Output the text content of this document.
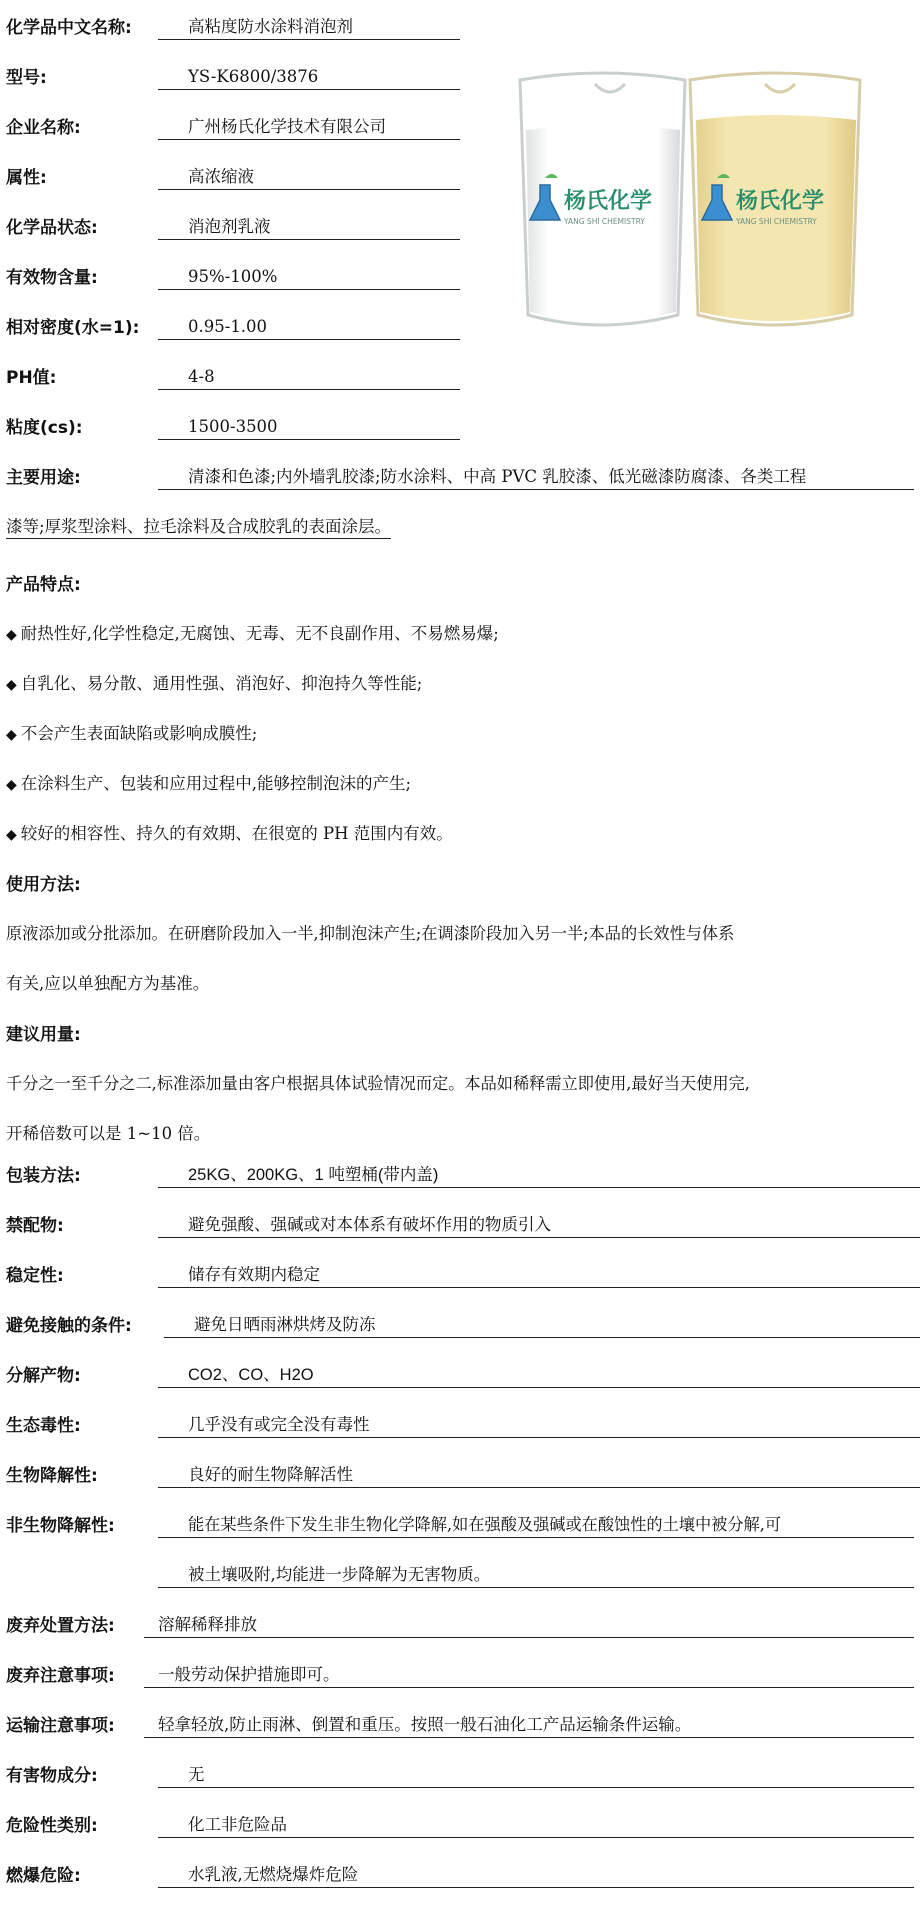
化学品中文名称:	高粘度防水涂料消泡剂
型号:	YS-K6800/3876
企业名称:	广州杨氏化学技术有限公司
属性:	高浓缩液
化学品状态:	消泡剂乳液
有效物含量:	95%-100%
相对密度(水=1):	0.95-1.00
PH值:	4-8
粘度(cs):	1500-3500
杨氏化学
YANG SHI CHEMISTRY
杨氏化学
YANG SHI CHEMISTRY
主要用途:	清漆和色漆;内外墙乳胶漆;防水涂料、中高 PVC 乳胶漆、低光磁漆防腐漆、各类工程
漆等;厚浆型涂料、拉毛涂料及合成胶乳的表面涂层。
产品特点:
◆ 耐热性好,化学性稳定,无腐蚀、无毒、无不良副作用、不易燃易爆;
◆ 自乳化、易分散、通用性强、消泡好、抑泡持久等性能;
◆ 不会产生表面缺陷或影响成膜性;
◆ 在涂料生产、包装和应用过程中,能够控制泡沫的产生;
◆ 较好的相容性、持久的有效期、在很宽的 PH 范围内有效。
使用方法:
原液添加或分批添加。在研磨阶段加入一半,抑制泡沫产生;在调漆阶段加入另一半;本品的长效性与体系
有关,应以单独配方为基准。
建议用量:
千分之一至千分之二,标准添加量由客户根据具体试验情况而定。本品如稀释需立即使用,最好当天使用完,
开稀倍数可以是 1~10 倍。
包装方法:	25KG、200KG、1 吨塑桶(带内盖)
禁配物:	避免强酸、强碱或对本体系有破坏作用的物质引入
稳定性:	储存有效期内稳定
避免接触的条件:	避免日晒雨淋烘烤及防冻
分解产物:	CO2、CO、H2O
生态毒性:	几乎没有或完全没有毒性
生物降解性:	良好的耐生物降解活性
非生物降解性:	能在某些条件下发生非生物化学降解,如在强酸及强碱或在酸蚀性的土壤中被分解,可
被土壤吸附,均能进一步降解为无害物质。
废弃处置方法:	溶解稀释排放
废弃注意事项:	一般劳动保护措施即可。
运输注意事项:	轻拿轻放,防止雨淋、倒置和重压。按照一般石油化工产品运输条件运输。
有害物成分:	无
危险性类别:	化工非危险品
燃爆危险:	水乳液,无燃烧爆炸危险
